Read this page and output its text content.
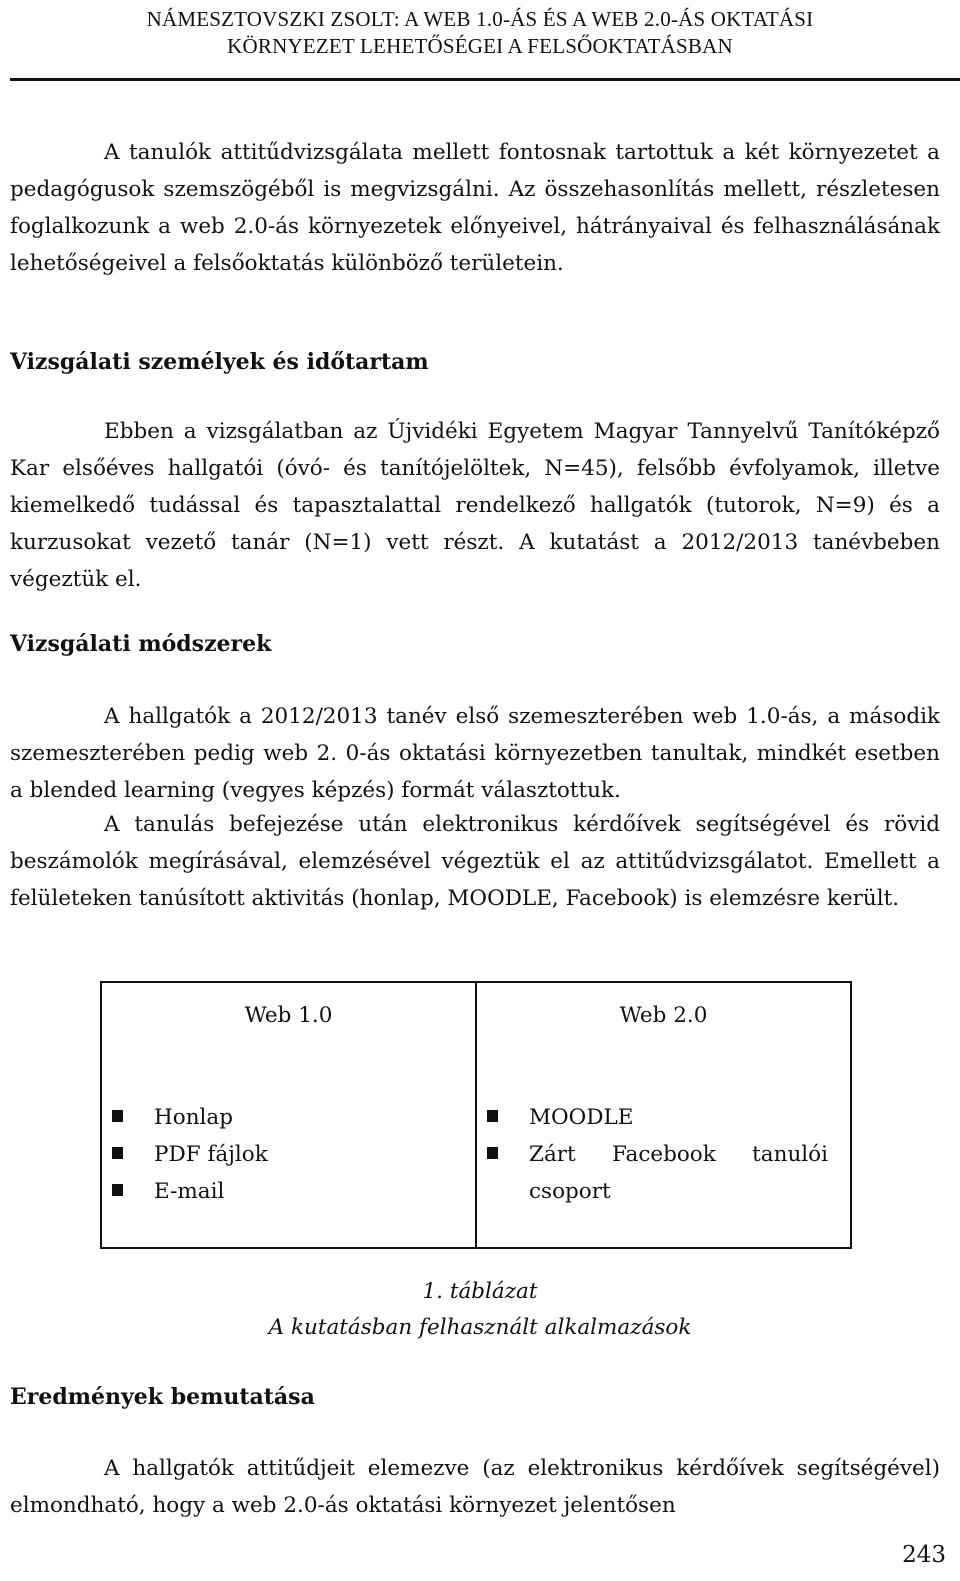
NÁMESZTOVSZKI ZSOLT: A WEB 1.0-ÁS ÉS A WEB 2.0-ÁS OKTATÁSI
KÖRNYEZET LEHETŐSÉGEI A FELSŐOKTATÁSBAN
A tanulók attitűdvizsgálata mellett fontosnak tartottuk a két környezetet a pedagógusok szemszögéből is megvizsgálni. Az összehasonlítás mellett, részletesen foglalkozunk a web 2.0-ás környezetek előnyeivel, hátrányaival és felhasználásának lehetőségeivel a felsőoktatás különböző területein.
Vizsgálati személyek és időtartam
Ebben a vizsgálatban az Újvidéki Egyetem Magyar Tannyelvű Tanítóképző Kar elsőéves hallgatói (óvó- és tanítójelöltek, N=45), felsőbb évfolyamok, illetve kiemelkedő tudással és tapasztalattal rendelkező hallgatók (tutorok, N=9) és a kurzusokat vezető tanár (N=1) vett részt. A kutatást a 2012/2013 tanévbeben végeztük el.
Vizsgálati módszerek
A hallgatók a 2012/2013 tanév első szemeszterében web 1.0-ás, a második szemeszterében pedig web 2. 0-ás oktatási környezetben tanultak, mindkét esetben a blended learning (vegyes képzés) formát választottuk.
A tanulás befejezése után elektronikus kérdőívek segítségével és rövid beszámolók megírásával, elemzésével végeztük el az attitűdvizsgálatot. Emellett a felületeken tanúsított aktivitás (honlap, MOODLE, Facebook) is elemzésre került.
Web 1.0
Honlap
PDF fájlok
E-mail
Web 2.0
MOODLE
Zárt Facebook tanulói csoport
1. táblázat
A kutatásban felhasznált alkalmazások
Eredmények bemutatása
A hallgatók attitűdjeit elemezve (az elektronikus kérdőívek segítségével) elmondható, hogy a web 2.0-ás oktatási környezet jelentősen
243
